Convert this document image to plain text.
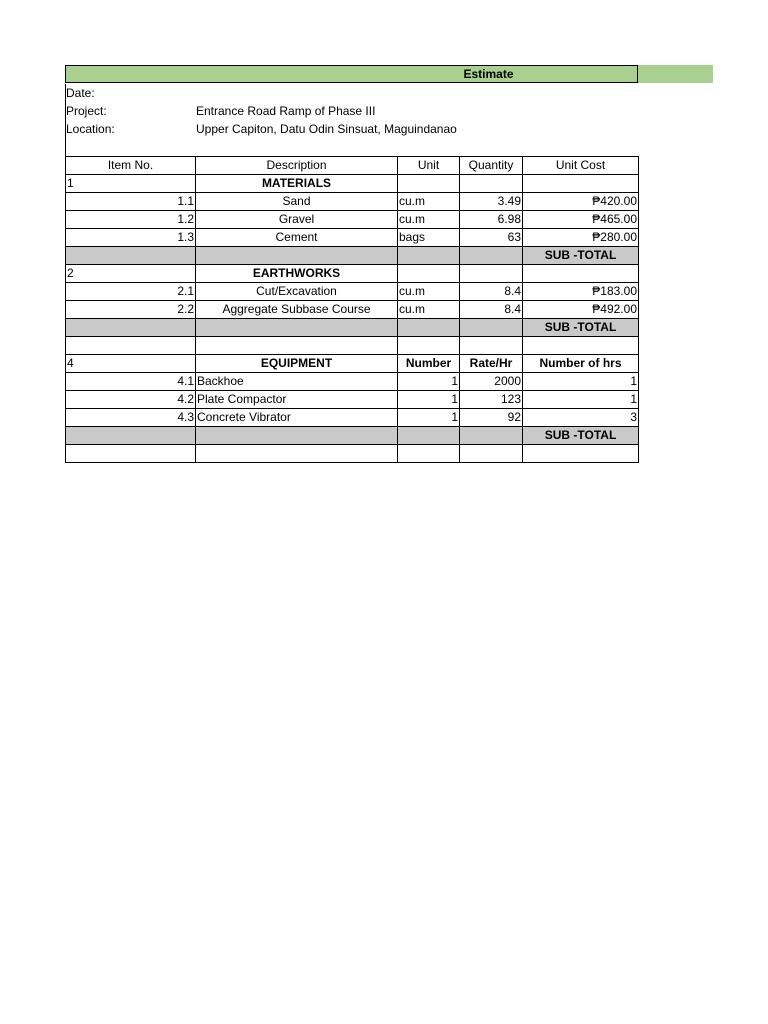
Estimate
Date:
Project:	Entrance Road Ramp of Phase III
Location:	Upper Capiton, Datu Odin Sinsuat, Maguindanao
Item No.	Description	Unit	Quantity	Unit Cost
1	MATERIALS			
1.1	Sand	cu.m	3.49	₱420.00
1.2	Gravel	cu.m	6.98	₱465.00
1.3	Cement	bags	63	₱280.00
				SUB -TOTAL
2	EARTHWORKS			
2.1	Cut/Excavation	cu.m	8.4	₱183.00
2.2	Aggregate Subbase Course	cu.m	8.4	₱492.00
				SUB -TOTAL

4	EQUIPMENT	Number	Rate/Hr	Number of hrs
4.1	Backhoe	1	2000	1
4.2	Plate Compactor	1	123	1
4.3	Concrete Vibrator	1	92	3
				SUB -TOTAL
